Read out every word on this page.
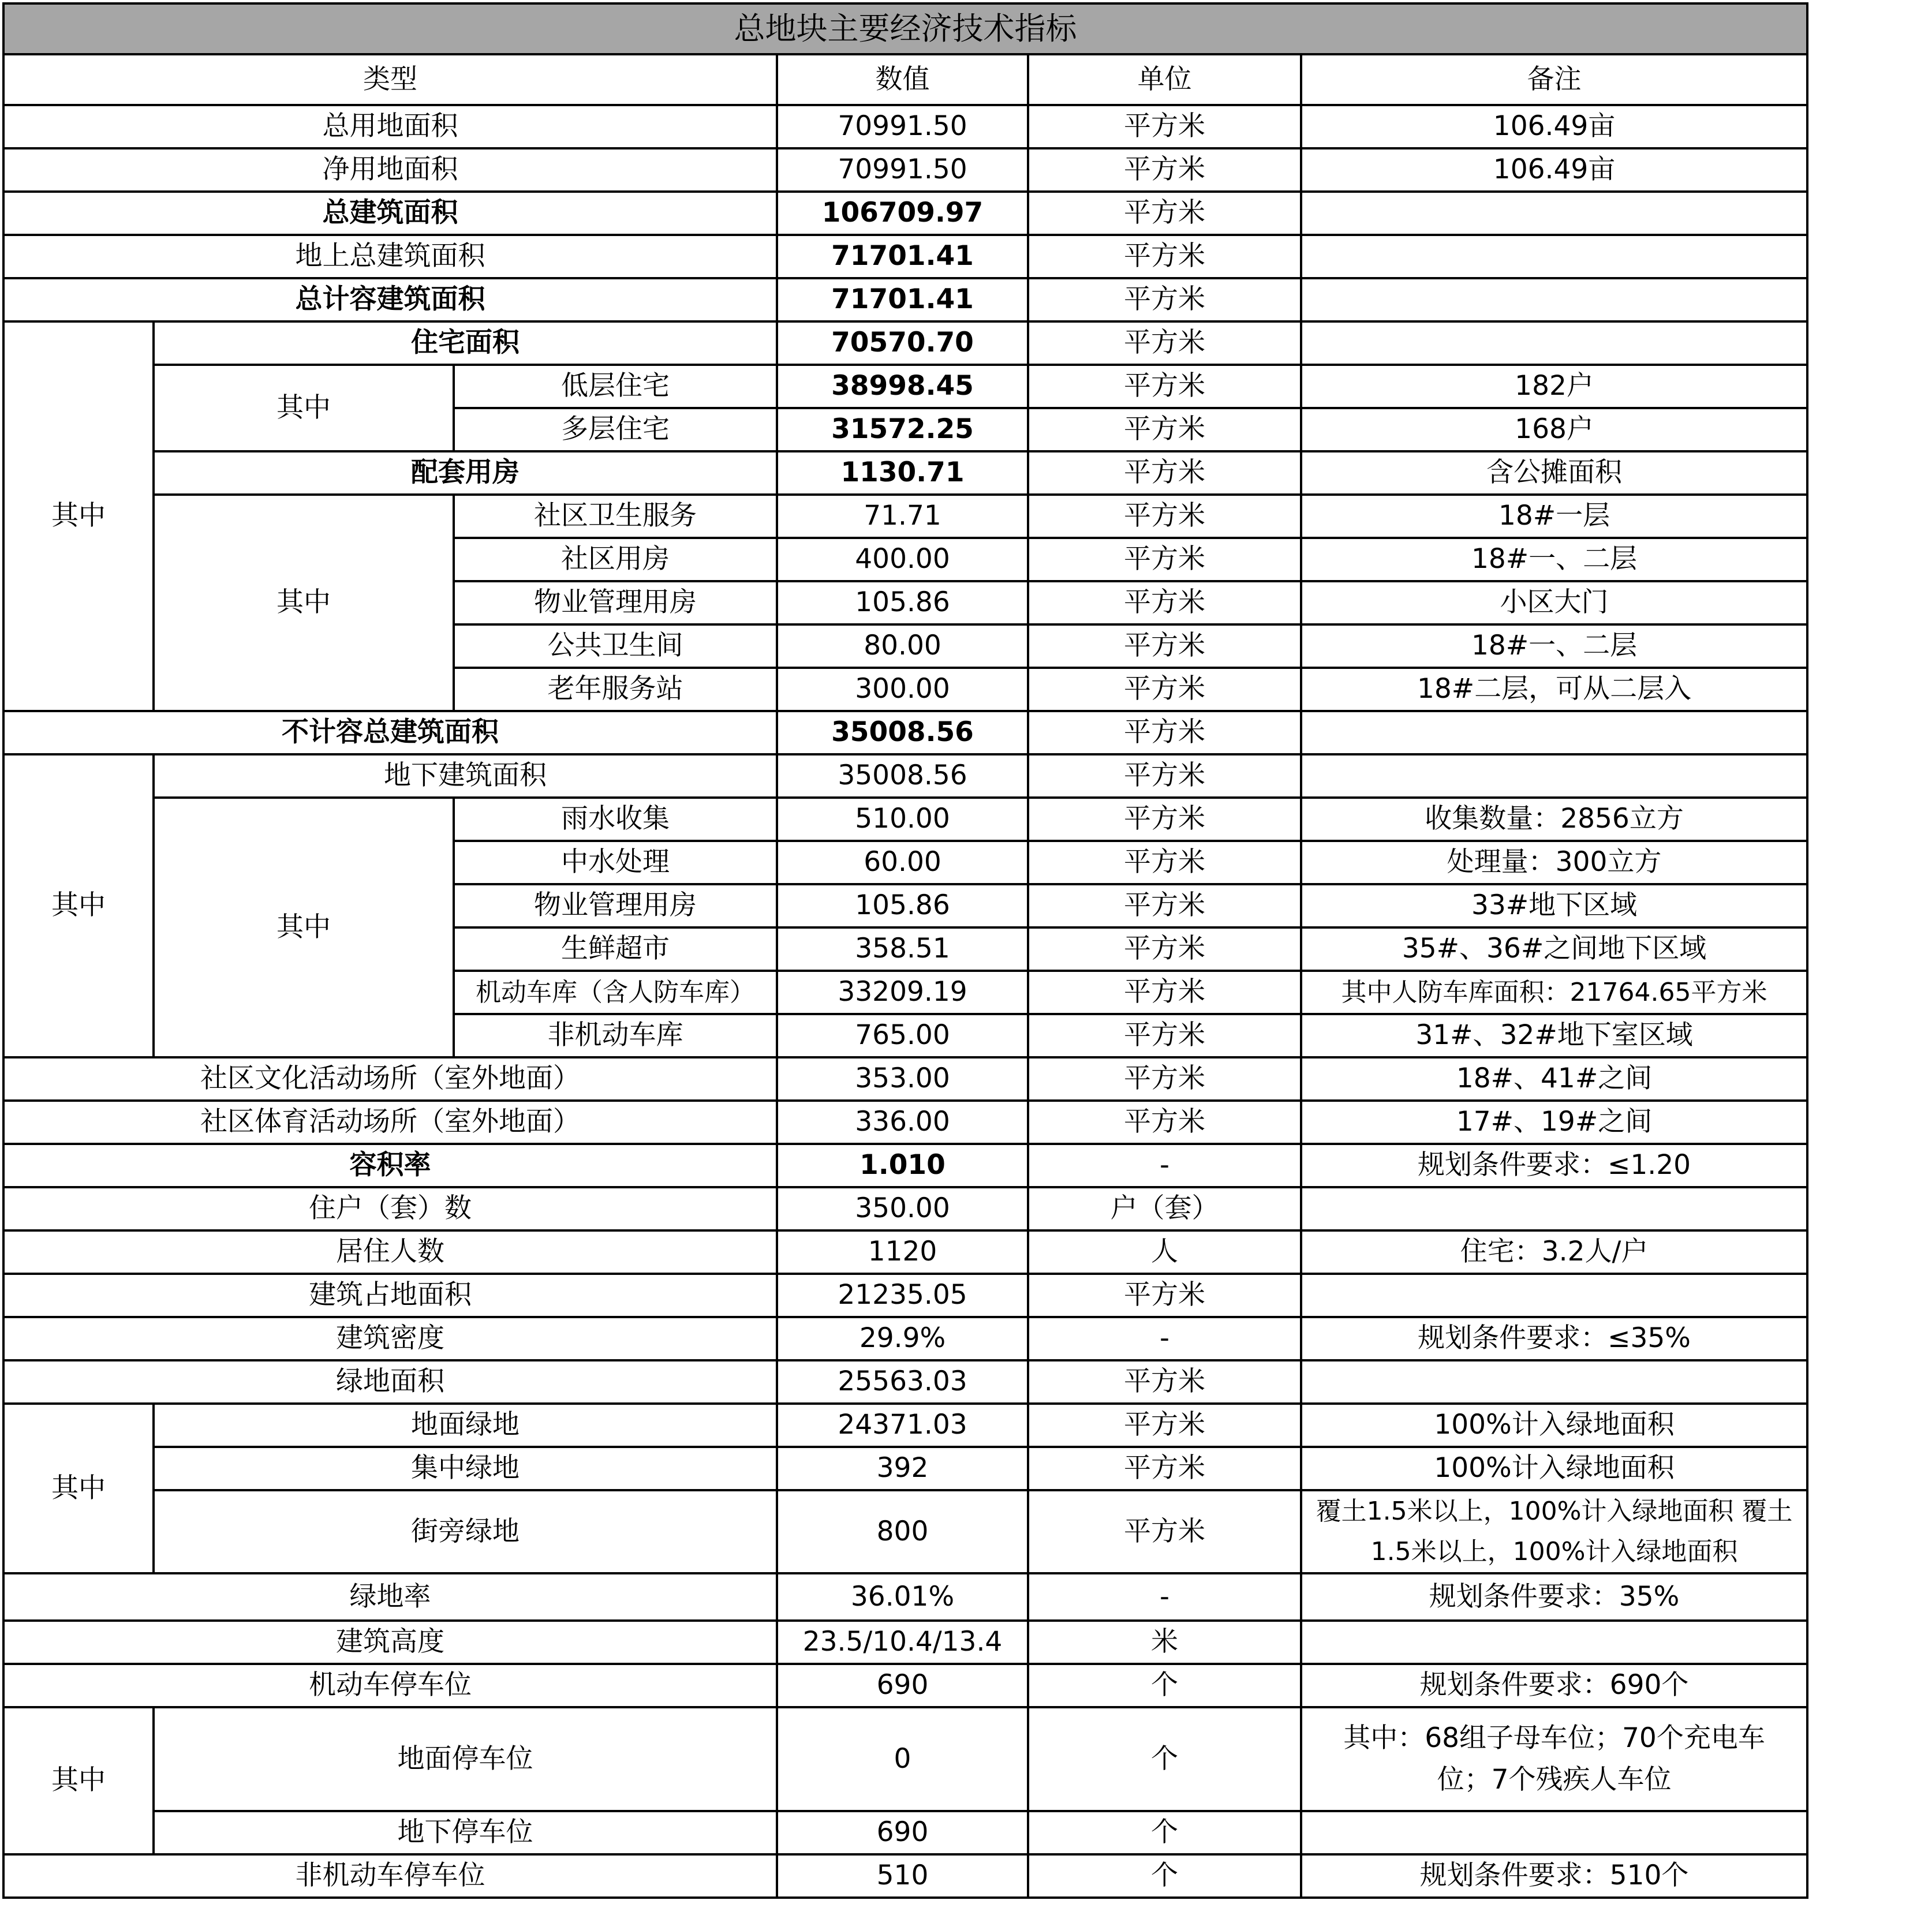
总地块主要经济技术指标					
类型			数值	单位	备注
总用地面积			70991.50	平方米	106.49亩
净用地面积			70991.50	平方米	106.49亩
总建筑面积			106709.97	平方米	
地上总建筑面积			71701.41	平方米	
总计容建筑面积			71701.41	平方米	
其中	住宅面积		70570.70	平方米	
	其中	低层住宅	38998.45	平方米	182户
		多层住宅	31572.25	平方米	168户
	配套用房		1130.71	平方米	含公摊面积
	其中	社区卫生服务	71.71	平方米	18#一层
		社区用房	400.00	平方米	18#一、二层
		物业管理用房	105.86	平方米	小区大门
		公共卫生间	80.00	平方米	18#一、二层
		老年服务站	300.00	平方米	18#二层，可从二层入
不计容总建筑面积			35008.56	平方米	
其中	地下建筑面积		35008.56	平方米	
	其中	雨水收集	510.00	平方米	收集数量：2856立方
		中水处理	60.00	平方米	处理量：300立方
		物业管理用房	105.86	平方米	33#地下区域
		生鲜超市	358.51	平方米	35#、36#之间地下区域
		机动车库（含人防车库）	33209.19	平方米	其中人防车库面积：21764.65平方米
		非机动车库	765.00	平方米	31#、32#地下室区域
社区文化活动场所（室外地面）			353.00	平方米	18#、41#之间
社区体育活动场所（室外地面）			336.00	平方米	17#、19#之间
容积率			1.010	-	规划条件要求：≤1.20
住户（套）数			350.00	户（套）	
居住人数			1120	人	住宅：3.2人/户
建筑占地面积			21235.05	平方米	
建筑密度			29.9%	-	规划条件要求：≤35%
绿地面积			25563.03	平方米	
其中	地面绿地		24371.03	平方米	100%计入绿地面积
	集中绿地		392	平方米	100%计入绿地面积
	街旁绿地		800	平方米	覆土1.5米以上，100%计入绿地面积 覆土1.5米以上，100%计入绿地面积
绿地率			36.01%	-	规划条件要求：35%
建筑高度			23.5/10.4/13.4	米	
机动车停车位			690	个	规划条件要求：690个
其中	地面停车位		0	个	其中：68组子母车位；70个充电车位；7个残疾人车位
	地下停车位		690	个	
非机动车停车位			510	个	规划条件要求：510个
